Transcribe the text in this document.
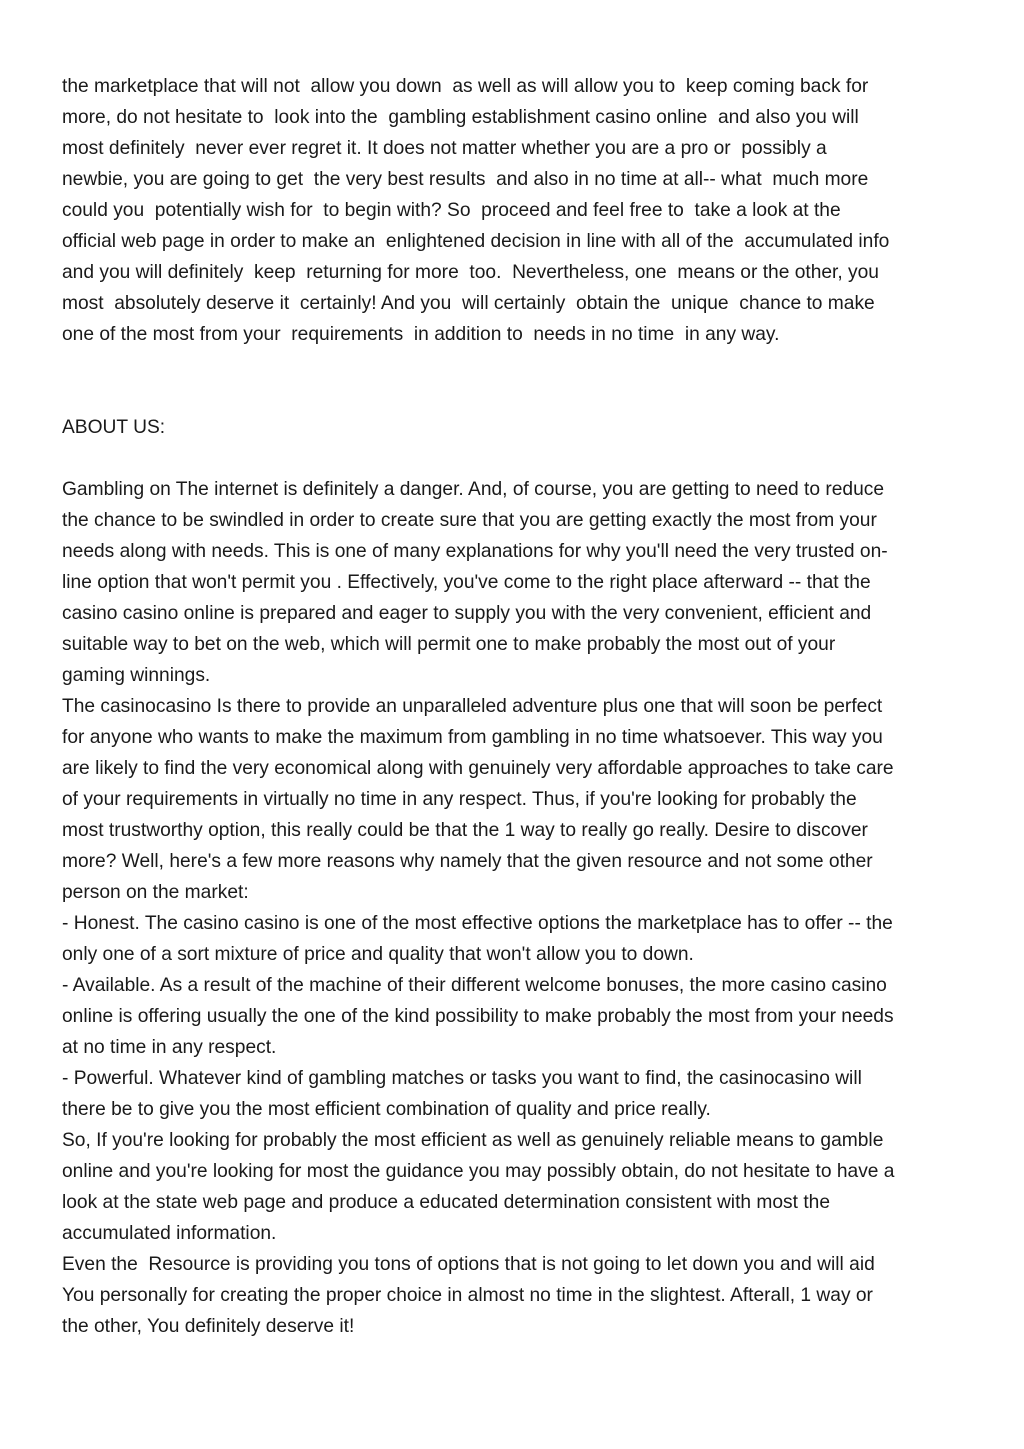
the marketplace that will not  allow you down  as well as will allow you to  keep coming back for
more, do not hesitate to  look into the  gambling establishment casino online  and also you will
most definitely  never ever regret it. It does not matter whether you are a pro or  possibly a
newbie, you are going to get  the very best results  and also in no time at all-- what  much more
could you  potentially wish for  to begin with? So  proceed and feel free to  take a look at the
official web page in order to make an  enlightened decision in line with all of the  accumulated info
and you will definitely  keep  returning for more  too.  Nevertheless, one  means or the other, you
most  absolutely deserve it  certainly! And you  will certainly  obtain the  unique  chance to make
one of the most from your  requirements  in addition to  needs in no time  in any way.
ABOUT US:
Gambling on The internet is definitely a danger. And, of course, you are getting to need to reduce
the chance to be swindled in order to create sure that you are getting exactly the most from your
needs along with needs. This is one of many explanations for why you'll need the very trusted on-
line option that won't permit you . Effectively, you've come to the right place afterward -- that the
casino casino online is prepared and eager to supply you with the very convenient, efficient and
suitable way to bet on the web, which will permit one to make probably the most out of your
gaming winnings.
The casinocasino Is there to provide an unparalleled adventure plus one that will soon be perfect
for anyone who wants to make the maximum from gambling in no time whatsoever. This way you
are likely to find the very economical along with genuinely very affordable approaches to take care
of your requirements in virtually no time in any respect. Thus, if you're looking for probably the
most trustworthy option, this really could be that the 1 way to really go really. Desire to discover
more? Well, here's a few more reasons why namely that the given resource and not some other
person on the market:
- Honest. The casino casino is one of the most effective options the marketplace has to offer -- the
only one of a sort mixture of price and quality that won't allow you to down.
- Available. As a result of the machine of their different welcome bonuses, the more casino casino
online is offering usually the one of the kind possibility to make probably the most from your needs
at no time in any respect.
- Powerful. Whatever kind of gambling matches or tasks you want to find, the casinocasino will
there be to give you the most efficient combination of quality and price really.
So, If you're looking for probably the most efficient as well as genuinely reliable means to gamble
online and you're looking for most the guidance you may possibly obtain, do not hesitate to have a
look at the state web page and produce a educated determination consistent with most the
accumulated information.
Even the  Resource is providing you tons of options that is not going to let down you and will aid
You personally for creating the proper choice in almost no time in the slightest. Afterall, 1 way or
the other, You definitely deserve it!
